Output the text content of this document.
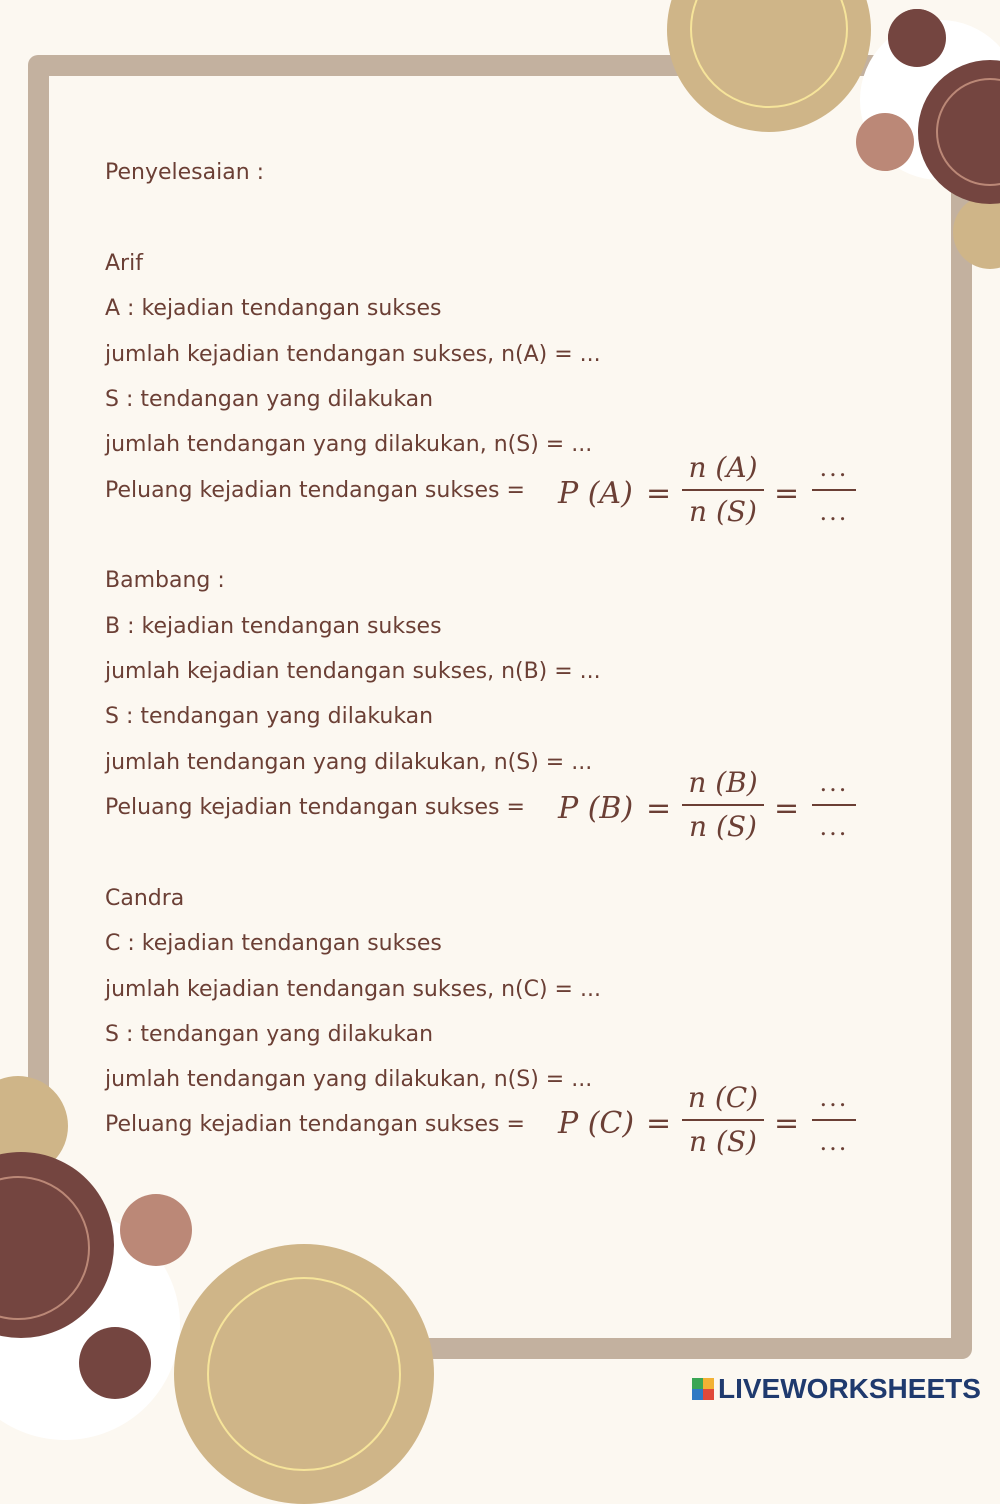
Penyelesaian :
Arif
A : kejadian tendangan sukses
jumlah kejadian tendangan sukses, n(A) = ...
S : tendangan yang dilakukan
jumlah tendangan yang dilakukan, n(S) = ...
Peluang kejadian tendangan sukses = P (A) =
n (A)
n (S)
=
...
...
Bambang :
B : kejadian tendangan sukses
jumlah kejadian tendangan sukses, n(B) = ...
S : tendangan yang dilakukan
jumlah tendangan yang dilakukan, n(S) = ...
Peluang kejadian tendangan sukses = P (B) =
n (B)
n (S)
=
...
...
Candra
C : kejadian tendangan sukses
jumlah kejadian tendangan sukses, n(C) = ...
S : tendangan yang dilakukan
jumlah tendangan yang dilakukan, n(S) = ...
Peluang kejadian tendangan sukses = P (C) =
n (C)
n (S)
=
...
...
LIVEWORKSHEETS
